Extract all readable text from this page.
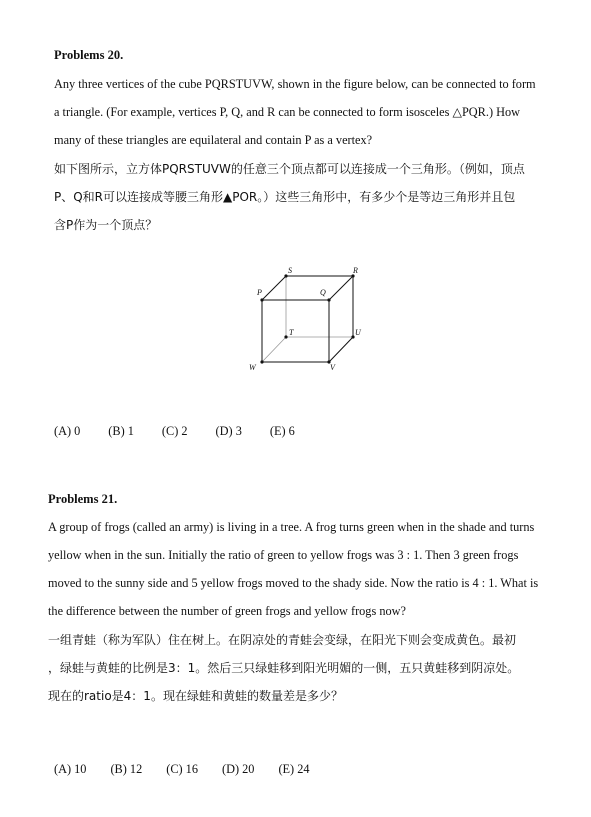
Problems 20.
Any three vertices of the cube PQRSTUVW, shown in the figure below, can be connected to form
a triangle. (For example, vertices P, Q, and R can be connected to form isosceles △PQR.) How
many of these triangles are equilateral and contain P as a vertex?
如下图所示，立方体PQRSTUVW的任意三个顶点都可以连接成一个三角形。（例如，顶点
P、Q和R可以连接成等腰三角形▲POR。）这些三角形中，有多少个是等边三角形并且包
含P作为一个顶点？
S	R
P	Q
T	U
W	V
(A) 0 (B) 1 (C) 2 (D) 3 (E) 6
Problems 21.
A group of frogs (called an army) is living in a tree. A frog turns green when in the shade and turns
yellow when in the sun. Initially the ratio of green to yellow frogs was 3 : 1. Then 3 green frogs
moved to the sunny side and 5 yellow frogs moved to the shady side. Now the ratio is 4 : 1. What is
the difference between the number of green frogs and yellow frogs now?
一组青蛙（称为军队）住在树上。在阴凉处的青蛙会变绿，在阳光下则会变成黄色。最初
，绿蛙与黄蛙的比例是3：1。然后三只绿蛙移到阳光明媚的一侧，五只黄蛙移到阴凉处。
现在的ratio是4：1。现在绿蛙和黄蛙的数量差是多少？
(A) 10 (B) 12 (C) 16 (D) 20 (E) 24
